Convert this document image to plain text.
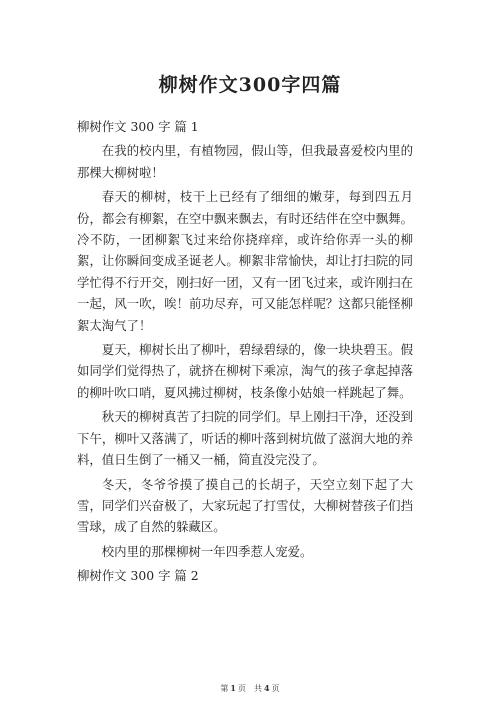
柳树作文300字四篇

柳树作文 300 字 篇 1

在我的校内里，有植物园，假山等，但我最喜爱校内里的那棵大柳树啦！

春天的柳树，枝干上已经有了细细的嫩芽，每到四五月份，都会有柳絮，在空中飘来飘去，有时还结伴在空中飘舞。冷不防，一团柳絮飞过来给你挠痒痒，或许给你弄一头的柳絮，让你瞬间变成圣诞老人。柳絮非常愉快，却让打扫院的同学忙得不行开交，刚扫好一团，又有一团飞过来，或许刚扫在一起，风一吹，唉！前功尽弃，可又能怎样呢？这都只能怪柳絮太淘气了！

夏天，柳树长出了柳叶，碧绿碧绿的，像一块块碧玉。假如同学们觉得热了，就挤在柳树下乘凉，淘气的孩子拿起掉落的柳叶吹口哨，夏风拂过柳树，枝条像小姑娘一样跳起了舞。

秋天的柳树真苦了扫院的同学们。早上刚扫干净，还没到下午，柳叶又落满了，听话的柳叶落到树坑做了滋润大地的养料，值日生倒了一桶又一桶，简直没完没了。

冬天，冬爷爷摸了摸自己的长胡子，天空立刻下起了大雪，同学们兴奋极了，大家玩起了打雪仗，大柳树替孩子们挡雪球，成了自然的躲藏区。

校内里的那棵柳树一年四季惹人宠爱。

柳树作文 300 字 篇 2

第 1 页　共 4 页
